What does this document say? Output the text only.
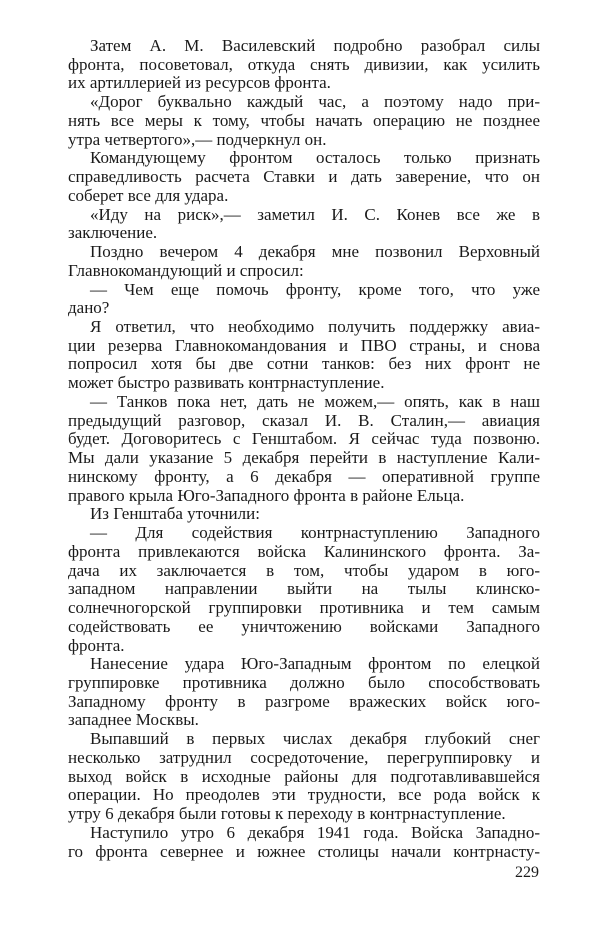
Затем А. М. Василевский подробно разобрал силы
фронта, посоветовал, откуда снять дивизии, как усилить
их артиллерией из ресурсов фронта.
«Дорог буквально каждый час, а поэтому надо при-
нять все меры к тому, чтобы начать операцию не позднее
утра четвертого»,— подчеркнул он.
Командующему фронтом осталось только признать
справедливость расчета Ставки и дать заверение, что он
соберет все для удара.
«Иду на риск»,— заметил И. С. Конев все же в
заключение.
Поздно вечером 4 декабря мне позвонил Верховный
Главнокомандующий и спросил:
— Чем еще помочь фронту, кроме того, что уже
дано?
Я ответил, что необходимо получить поддержку авиа-
ции резерва Главнокомандования и ПВО страны, и снова
попросил хотя бы две сотни танков: без них фронт не
может быстро развивать контрнаступление.
— Танков пока нет, дать не можем,— опять, как в наш
предыдущий разговор, сказал И. В. Сталин,— авиация
будет. Договоритесь с Генштабом. Я сейчас туда позвоню.
Мы дали указание 5 декабря перейти в наступление Кали-
нинскому фронту, а 6 декабря — оперативной группе
правого крыла Юго-Западного фронта в районе Ельца.
Из Генштаба уточнили:
— Для содействия контрнаступлению Западного
фронта привлекаются войска Калининского фронта. За-
дача их заключается в том, чтобы ударом в юго-
западном направлении выйти на тылы клинско-
солнечногорской группировки противника и тем самым
содействовать ее уничтожению войсками Западного
фронта.
Нанесение удара Юго-Западным фронтом по елецкой
группировке противника должно было способствовать
Западному фронту в разгроме вражеских войск юго-
западнее Москвы.
Выпавший в первых числах декабря глубокий снег
несколько затруднил сосредоточение, перегруппировку и
выход войск в исходные районы для подготавливавшейся
операции. Но преодолев эти трудности, все рода войск к
утру 6 декабря были готовы к переходу в контрнаступление.
Наступило утро 6 декабря 1941 года. Войска Западно-
го фронта севернее и южнее столицы начали контрнасту-
229
